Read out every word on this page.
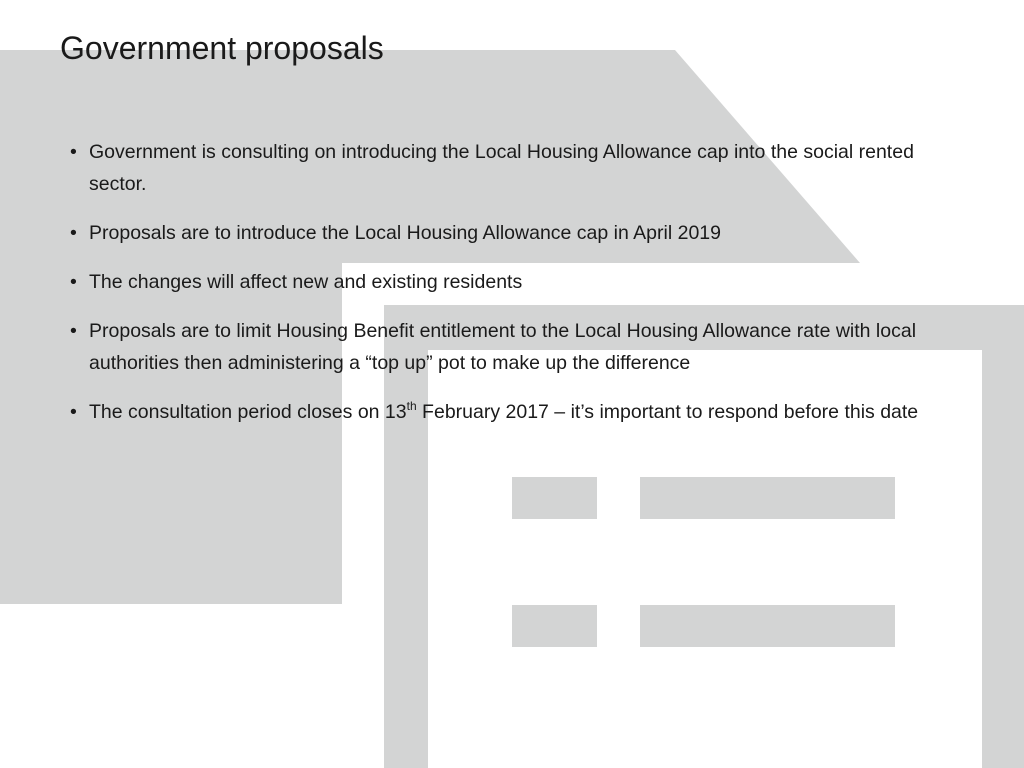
Government proposals
• Government is consulting on introducing the Local Housing Allowance cap into the social rented sector.
• Proposals are to introduce the Local Housing Allowance cap in April 2019
• The changes will affect new and existing residents
• Proposals are to limit Housing Benefit entitlement to the Local Housing Allowance rate with local authorities then administering a “top up” pot to make up the difference
• The consultation period closes on 13th February 2017 – it’s important to respond before this date
